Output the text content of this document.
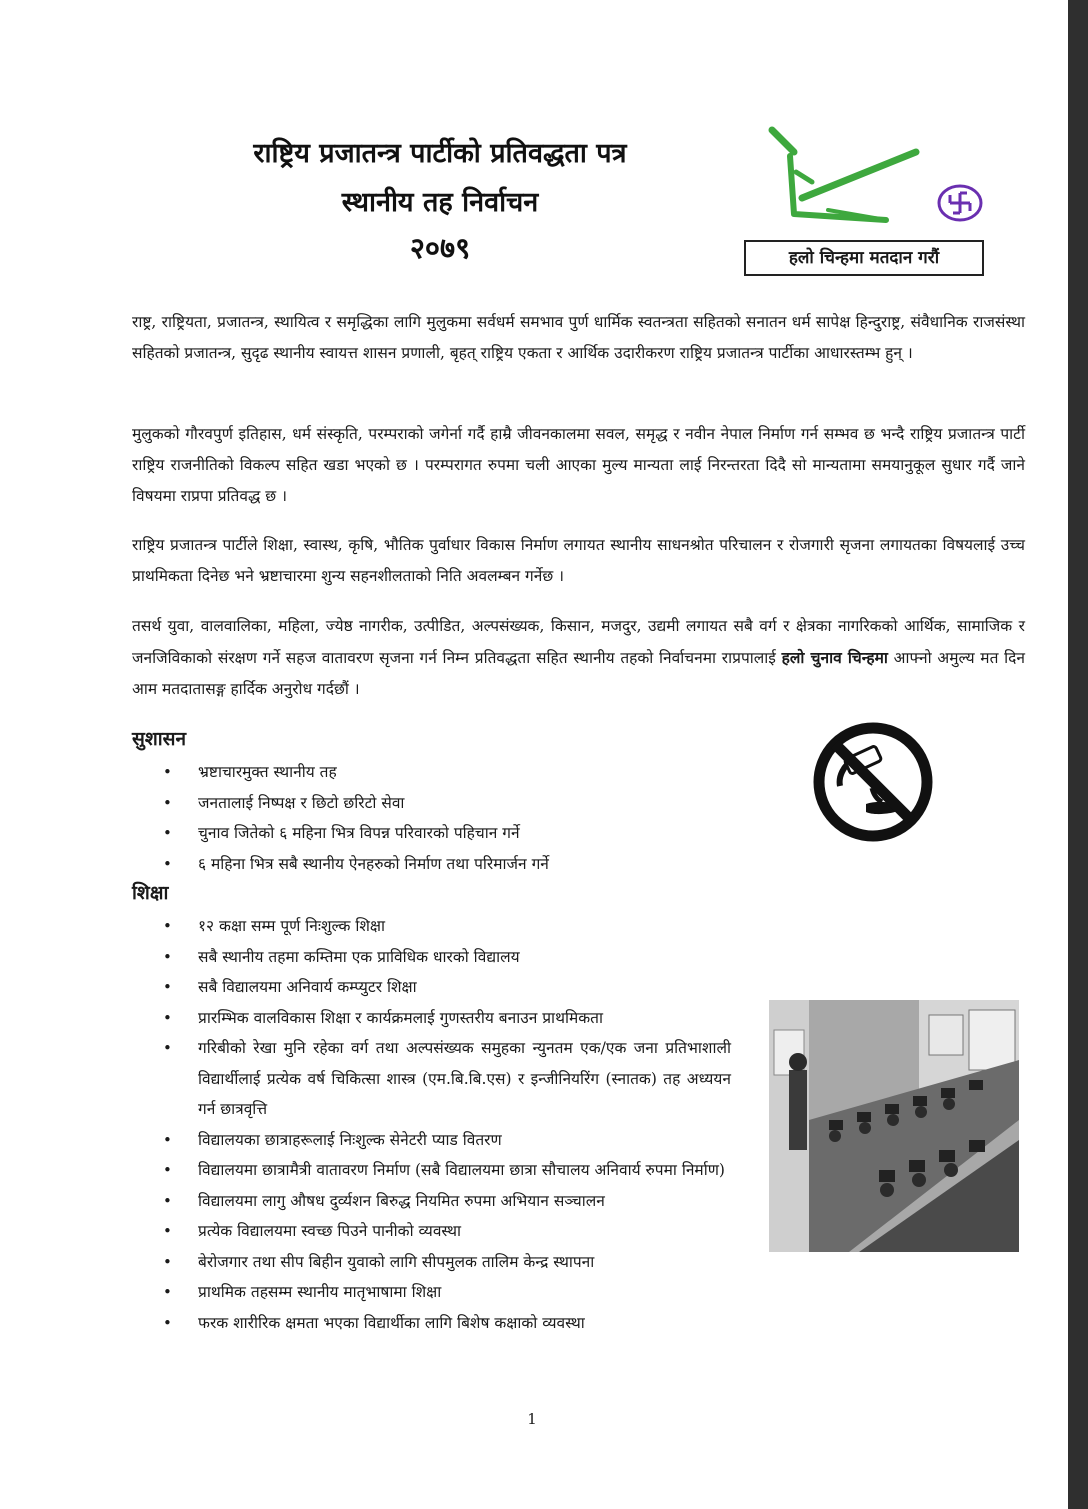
राष्ट्रिय प्रजातन्त्र पार्टीको प्रतिवद्धता पत्र
स्थानीय तह निर्वाचन
२०७९	हलो चिन्हमा मतदान गरौं

राष्ट्र, राष्ट्रियता, प्रजातन्त्र, स्थायित्व र समृद्धिका लागि मुलुकमा सर्वधर्म समभाव पुर्ण धार्मिक स्वतन्त्रता सहितको सनातन धर्म सापेक्ष हिन्दुराष्ट्र, संवैधानिक राजसंस्था सहितको प्रजातन्त्र, सुदृढ स्थानीय स्वायत्त शासन प्रणाली, बृहत् राष्ट्रिय एकता र आर्थिक उदारीकरण राष्ट्रिय प्रजातन्त्र पार्टीका आधारस्तम्भ हुन् ।

मुलुकको गौरवपुर्ण इतिहास, धर्म संस्कृति, परम्पराको जगेर्ना गर्दै हाम्रै जीवनकालमा सवल, समृद्ध र नवीन नेपाल निर्माण गर्न सम्भव छ भन्दै राष्ट्रिय प्रजातन्त्र पार्टी राष्ट्रिय राजनीतिको विकल्प सहित खडा भएको छ । परम्परागत रुपमा चली आएका मुल्य मान्यता लाई निरन्तरता दिदै सो मान्यतामा समयानुकूल सुधार गर्दै जाने विषयमा राप्रपा प्रतिवद्ध छ ।

राष्ट्रिय प्रजातन्त्र पार्टीले शिक्षा, स्वास्थ, कृषि, भौतिक पुर्वाधार विकास निर्माण लगायत स्थानीय साधनश्रोत परिचालन र रोजगारी सृजना लगायतका विषयलाई उच्च प्राथमिकता दिनेछ भने भ्रष्टाचारमा शुन्य सहनशीलताको निति अवलम्बन गर्नेछ ।

तसर्थ युवा, वालवालिका, महिला, ज्येष्ठ नागरीक, उत्पीडित, अल्पसंख्यक, किसान, मजदुर, उद्यमी लगायत सबै वर्ग र क्षेत्रका नागरिकको आर्थिक, सामाजिक र जनजिविकाको संरक्षण गर्ने सहज वातावरण सृजना गर्न निम्न प्रतिवद्धता सहित स्थानीय तहको निर्वाचनमा राप्रपालाई हलो चुनाव चिन्हमा आफ्नो अमुल्य मत दिन आम मतदातासङ्ग हार्दिक अनुरोध गर्दछौं ।

सुशासन
• भ्रष्टाचारमुक्त स्थानीय तह
• जनतालाई निष्पक्ष र छिटो छरिटो सेवा
• चुनाव जितेको ६ महिना भित्र विपन्न परिवारको पहिचान गर्ने
• ६ महिना भित्र सबै स्थानीय ऐनहरुको निर्माण तथा परिमार्जन गर्ने
शिक्षा
• १२ कक्षा सम्म पूर्ण निःशुल्क शिक्षा
• सबै स्थानीय तहमा कम्तिमा एक प्राविधिक धारको विद्यालय
• सबै विद्यालयमा अनिवार्य कम्प्युटर शिक्षा
• प्रारम्भिक वालविकास शिक्षा र कार्यक्रमलाई गुणस्तरीय बनाउन प्राथमिकता
• गरिबीको रेखा मुनि रहेका वर्ग तथा अल्पसंख्यक समुहका न्युनतम एक/एक जना प्रतिभाशाली विद्यार्थीलाई प्रत्येक वर्ष चिकित्सा शास्त्र (एम.बि.बि.एस) र इन्जीनियरिंग (स्नातक) तह अध्ययन गर्न छात्रवृत्ति
• विद्यालयका छात्राहरूलाई निःशुल्क सेनेटरी प्याड वितरण
• विद्यालयमा छात्रामैत्री वातावरण निर्माण (सबै विद्यालयमा छात्रा सौचालय अनिवार्य रुपमा निर्माण)
• विद्यालयमा लागु औषध दुर्व्यशन बिरुद्ध नियमित रुपमा अभियान सञ्चालन
• प्रत्येक विद्यालयमा स्वच्छ पिउने पानीको व्यवस्था
• बेरोजगार तथा सीप बिहीन युवाको लागि सीपमुलक तालिम केन्द्र स्थापना
• प्राथमिक तहसम्म स्थानीय मातृभाषामा शिक्षा
• फरक शारीरिक क्षमता भएका विद्यार्थीका लागि बिशेष कक्षाको व्यवस्था
1
